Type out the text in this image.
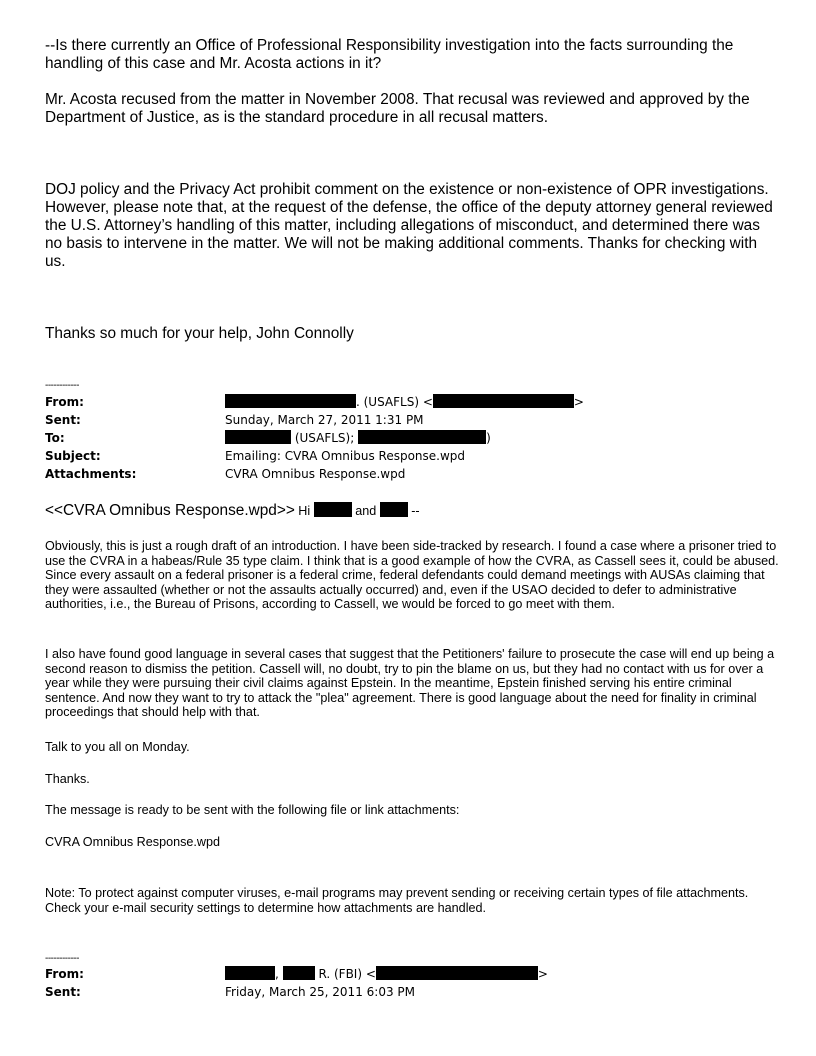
--Is there currently an Office of Professional Responsibility investigation into the facts surrounding the handling of this case and Mr. Acosta actions in it?

Mr. Acosta recused from the matter in November 2008. That recusal was reviewed and approved by the Department of Justice, as is the standard procedure in all recusal matters.

DOJ policy and the Privacy Act prohibit comment on the existence or non-existence of OPR investigations. However, please note that, at the request of the defense, the office of the deputy attorney general reviewed the U.S. Attorney’s handling of this matter, including allegations of misconduct, and determined there was no basis to intervene in the matter. We will not be making additional comments. Thanks for checking with us.

Thanks so much for your help, John Connolly

------------
From:	. (USAFLS) <	>
Sent:	Sunday, March 27, 2011 1:31 PM
To:	(USAFLS);	)
Subject:	Emailing: CVRA Omnibus Response.wpd
Attachments:	CVRA Omnibus Response.wpd
<<CVRA Omnibus Response.wpd>> Hi	and  --

Obviously, this is just a rough draft of an introduction. I have been side-tracked by research. I found a case where a prisoner tried to use the CVRA in a habeas/Rule 35 type claim. I think that is a good example of how the CVRA, as Cassell sees it, could be abused. Since every assault on a federal prisoner is a federal crime, federal defendants could demand meetings with AUSAs claiming that they were assaulted (whether or not the assaults actually occurred) and, even if the USAO decided to defer to administrative authorities, i.e., the Bureau of Prisons, according to Cassell, we would be forced to go meet with them.

I also have found good language in several cases that suggest that the Petitioners' failure to prosecute the case will end up being a second reason to dismiss the petition. Cassell will, no doubt, try to pin the blame on us, but they had no contact with us for over a year while they were pursuing their civil claims against Epstein. In the meantime, Epstein finished serving his entire criminal sentence. And now they want to try to attack the "plea" agreement. There is good language about the need for finality in criminal proceedings that should help with that.

Talk to you all on Monday.

Thanks.

The message is ready to be sent with the following file or link attachments:

CVRA Omnibus Response.wpd

Note: To protect against computer viruses, e-mail programs may prevent sending or receiving certain types of file attachments. Check your e-mail security settings to determine how attachments are handled.

------------
From:	,	R. (FBI) <	>
Sent:	Friday, March 25, 2011 6:03 PM
